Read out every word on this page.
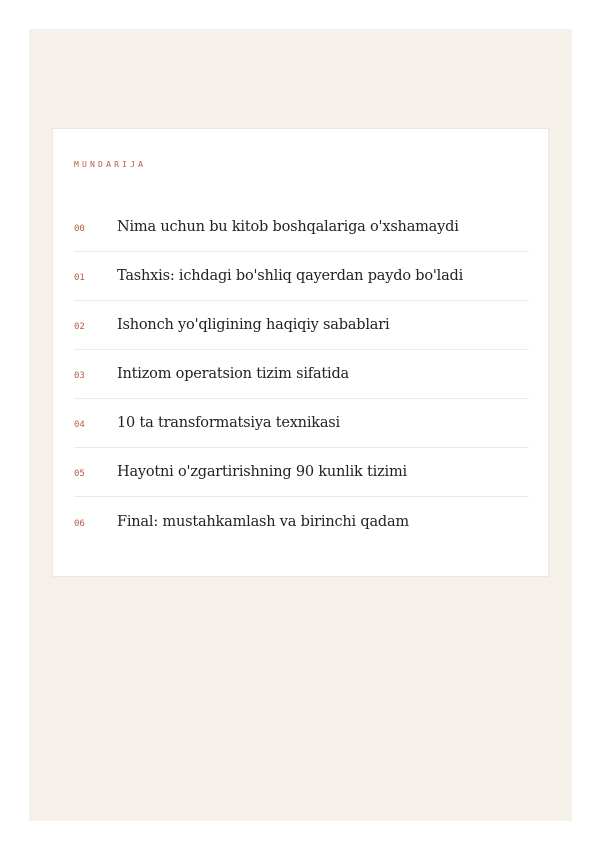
MUNDARIJA
00	Nima uchun bu kitob boshqalariga o'xshamaydi
01	Tashxis: ichdagi bo'shliq qayerdan paydo bo'ladi
02	Ishonch yo'qligining haqiqiy sabablari
03	Intizom operatsion tizim sifatida
04	10 ta transformatsiya texnikasi
05	Hayotni o'zgartirishning 90 kunlik tizimi
06	Final: mustahkamlash va birinchi qadam
